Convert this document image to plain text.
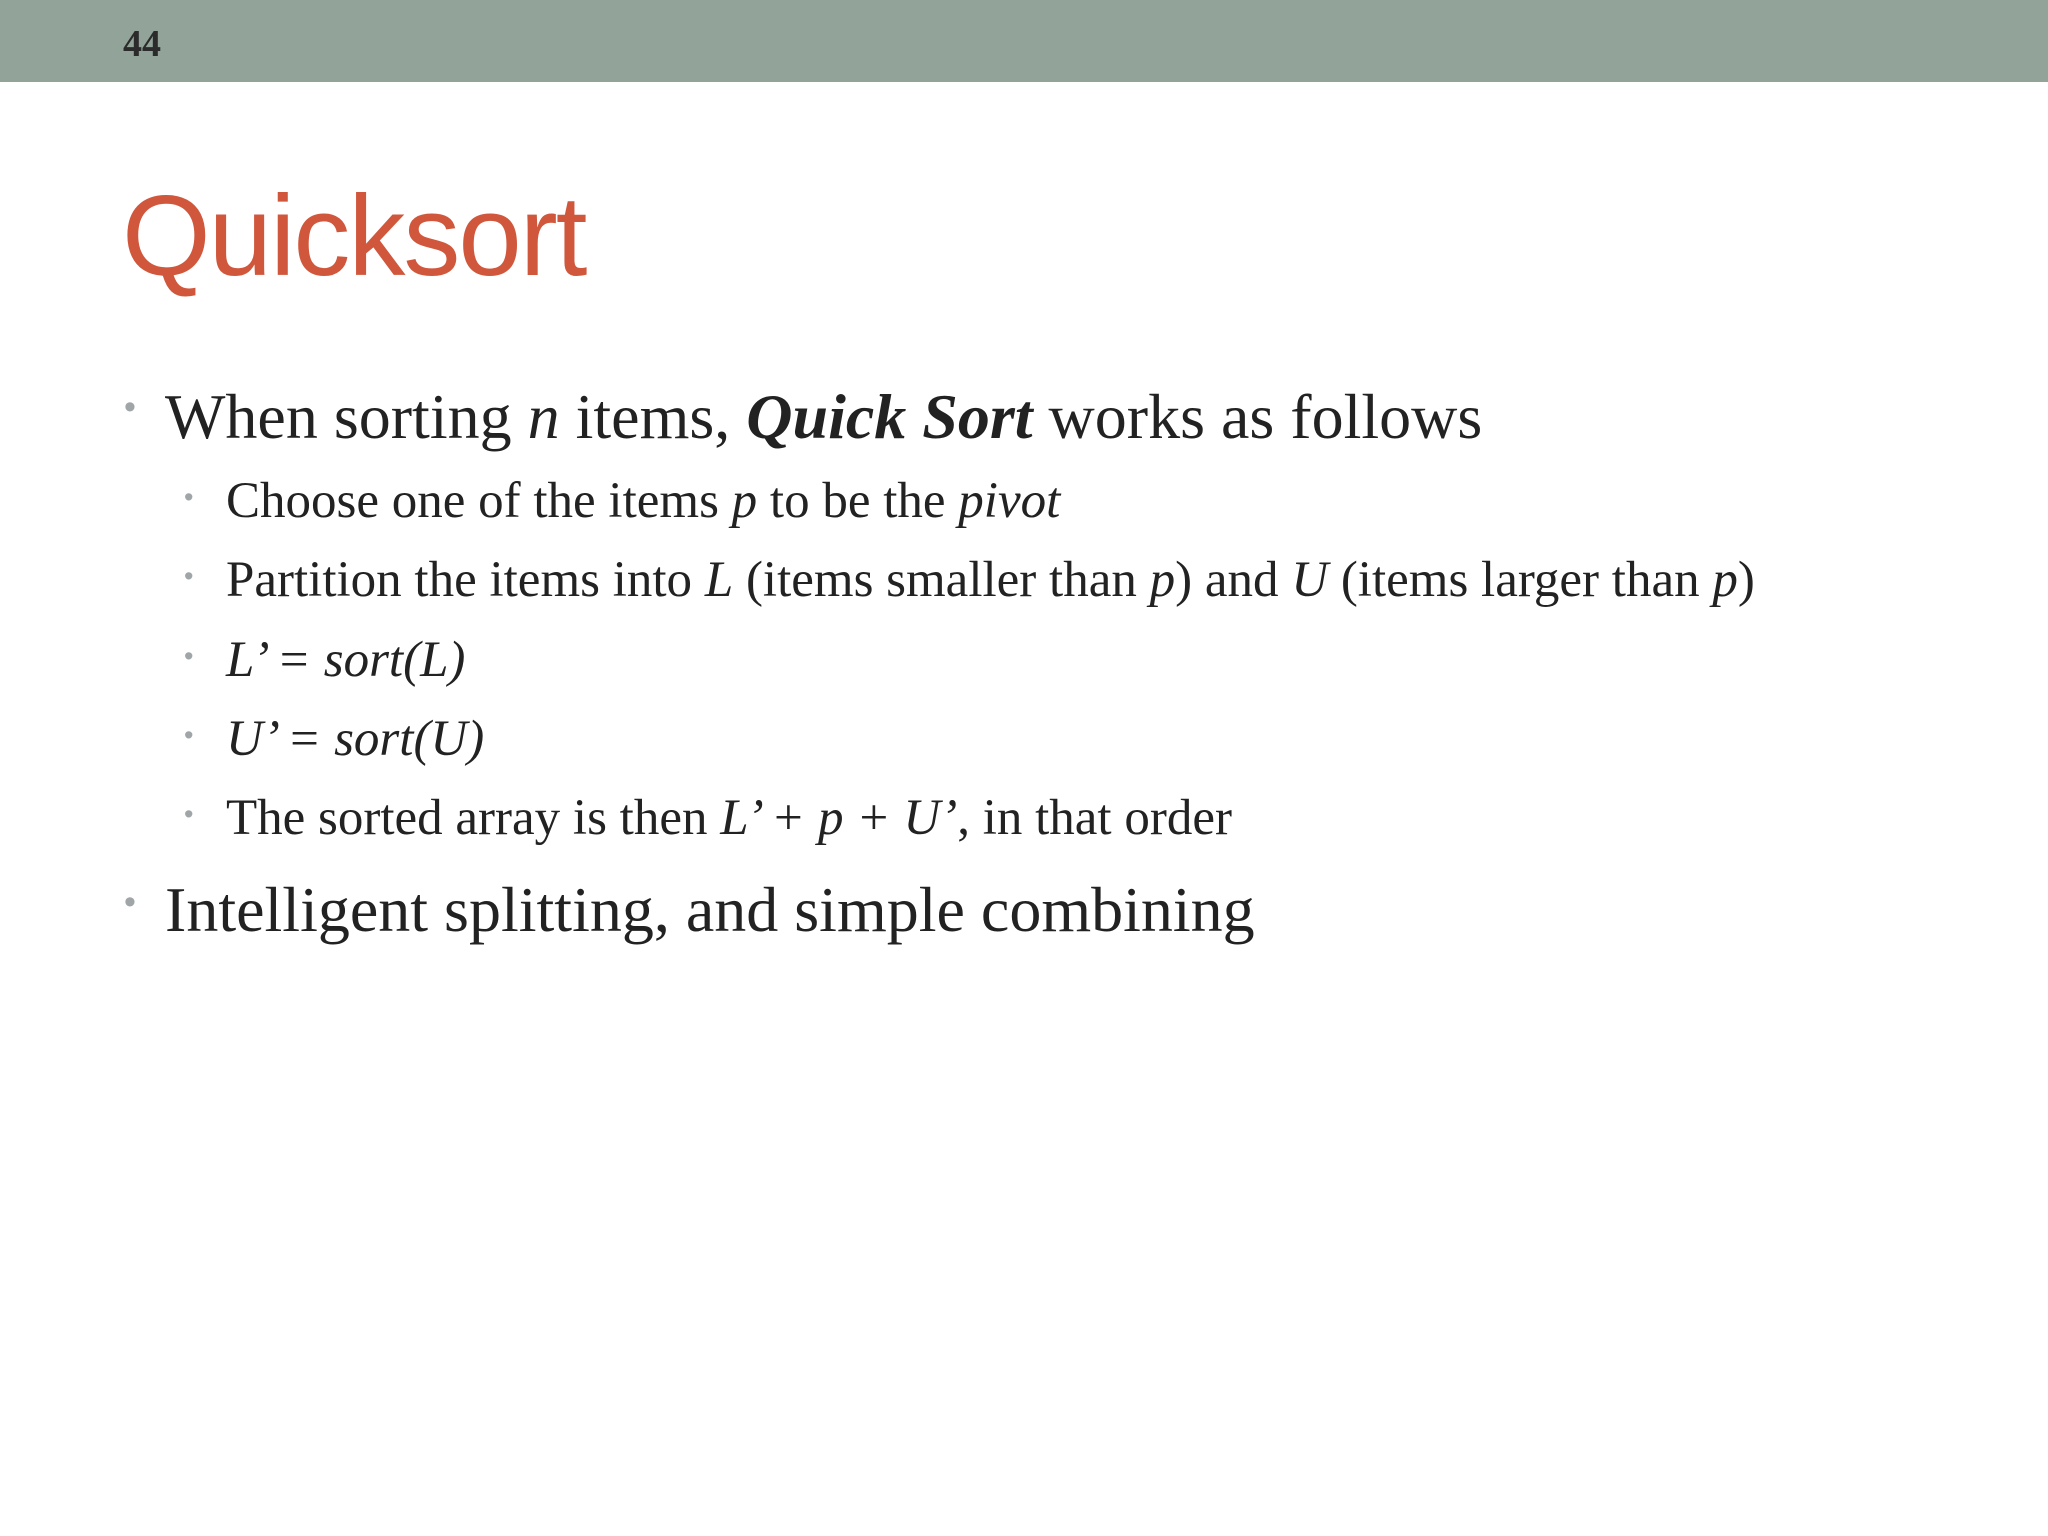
44
Quicksort
• When sorting n items, Quick Sort works as follows
• Choose one of the items p to be the pivot
• Partition the items into L (items smaller than p) and U (items larger than p)
• L’ = sort(L)
• U’ = sort(U)
• The sorted array is then L’ + p + U’, in that order
• Intelligent splitting, and simple combining
